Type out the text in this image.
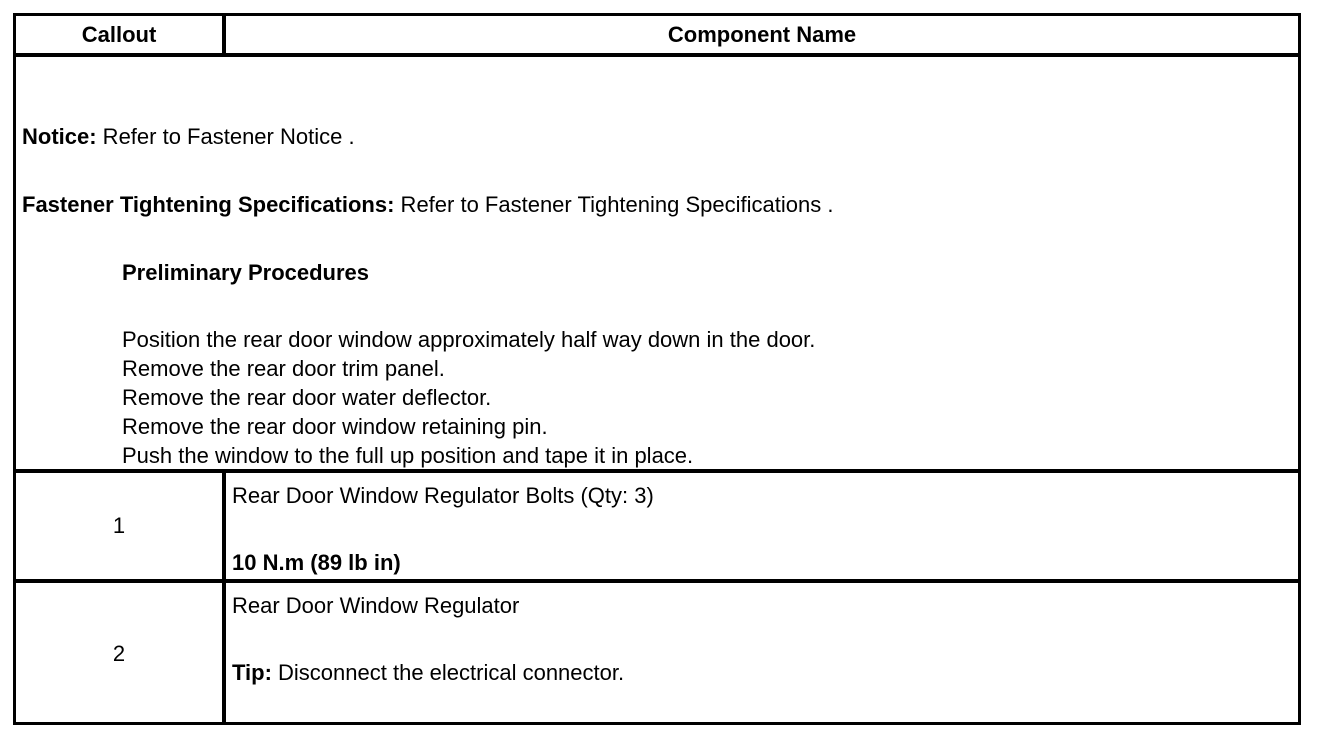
Callout	Component Name
Notice: Refer to Fastener Notice .
Fastener Tightening Specifications: Refer to Fastener Tightening Specifications .
Preliminary Procedures
Position the rear door window approximately half way down in the door.
Remove the rear door trim panel.
Remove the rear door water deflector.
Remove the rear door window retaining pin.
Push the window to the full up position and tape it in place.
1
Rear Door Window Regulator Bolts (Qty: 3)
10 N.m (89 lb in)
2
Rear Door Window Regulator
Tip: Disconnect the electrical connector.
